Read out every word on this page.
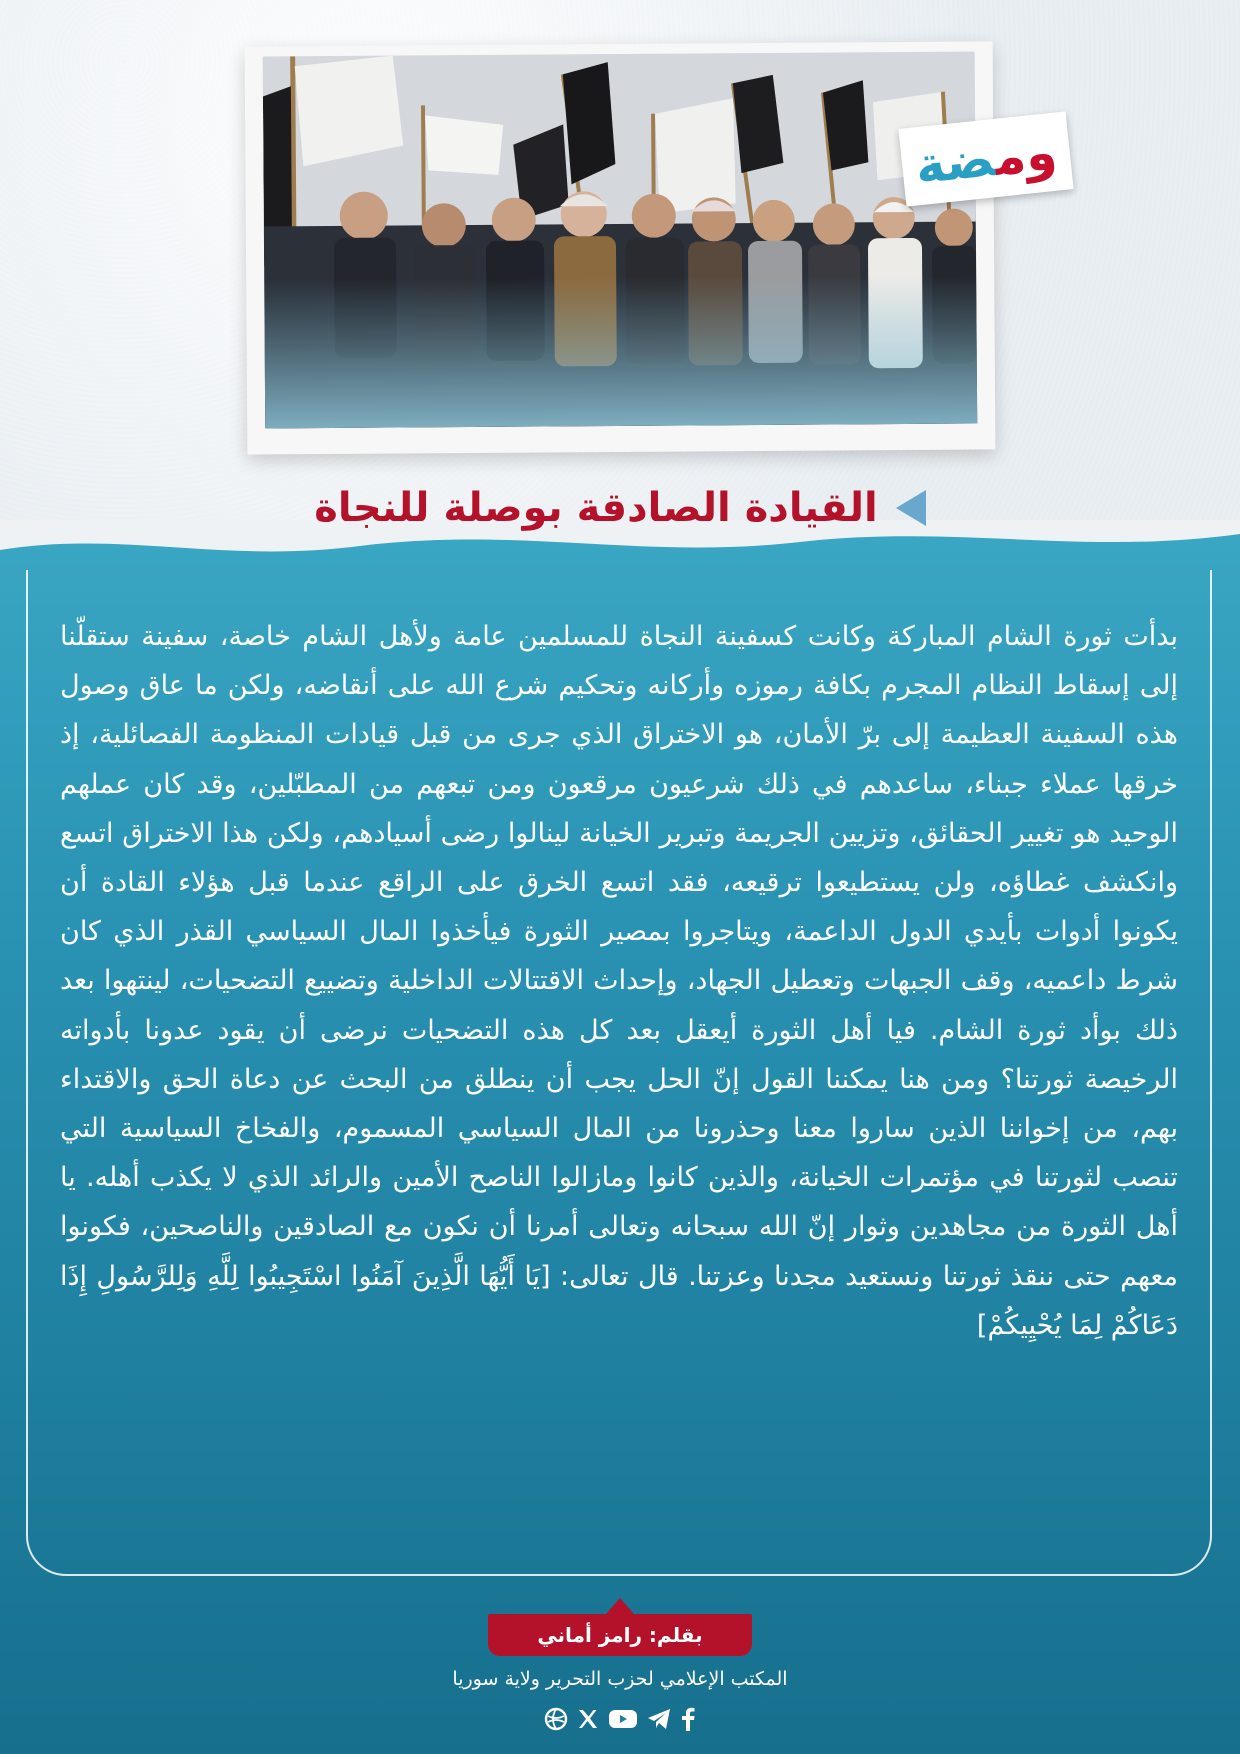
ومضة
القيادة الصادقة بوصلة للنجاة

بدأت ثورة الشام المباركة وكانت كسفينة النجاة للمسلمين عامة ولأهل الشام خاصة، سفينة ستقلّنا إلى إسقاط النظام المجرم بكافة رموزه وأركانه وتحكيم شرع الله على أنقاضه، ولكن ما عاق وصول هذه السفينة العظيمة إلى برّ الأمان، هو الاختراق الذي جرى من قبل قيادات المنظومة الفصائلية، إذ خرقها عملاء جبناء، ساعدهم في ذلك شرعيون مرقعون ومن تبعهم من المطبّلين، وقد كان عملهم الوحيد هو تغيير الحقائق، وتزيين الجريمة وتبرير الخيانة لينالوا رضى أسيادهم، ولكن هذا الاختراق اتسع وانكشف غطاؤه، ولن يستطيعوا ترقيعه، فقد اتسع الخرق على الراقع عندما قبل هؤلاء القادة أن يكونوا أدوات بأيدي الدول الداعمة، ويتاجروا بمصير الثورة فيأخذوا المال السياسي القذر الذي كان شرط داعميه، وقف الجبهات وتعطيل الجهاد، وإحداث الاقتتالات الداخلية وتضييع التضحيات، لينتهوا بعد ذلك بوأد ثورة الشام. فيا أهل الثورة أيعقل بعد كل هذه التضحيات نرضى أن يقود عدونا بأدواته الرخيصة ثورتنا؟ ومن هنا يمكننا القول إنّ الحل يجب أن ينطلق من البحث عن دعاة الحق والاقتداء بهم، من إخواننا الذين ساروا معنا وحذرونا من المال السياسي المسموم، والفخاخ السياسية التي تنصب لثورتنا في مؤتمرات الخيانة، والذين كانوا ومازالوا الناصح الأمين والرائد الذي لا يكذب أهله. يا أهل الثورة من مجاهدين وثوار إنّ الله سبحانه وتعالى أمرنا أن نكون مع الصادقين والناصحين، فكونوا معهم حتى ننقذ ثورتنا ونستعيد مجدنا وعزتنا. قال تعالى: [يَا أَيُّهَا الَّذِينَ آمَنُوا اسْتَجِيبُوا لِلَّهِ وَلِلرَّسُولِ إِذَا دَعَاكُمْ لِمَا يُحْيِيكُمْ]

بقلم: رامز أماني
المكتب الإعلامي لحزب التحرير ولاية سوريا
